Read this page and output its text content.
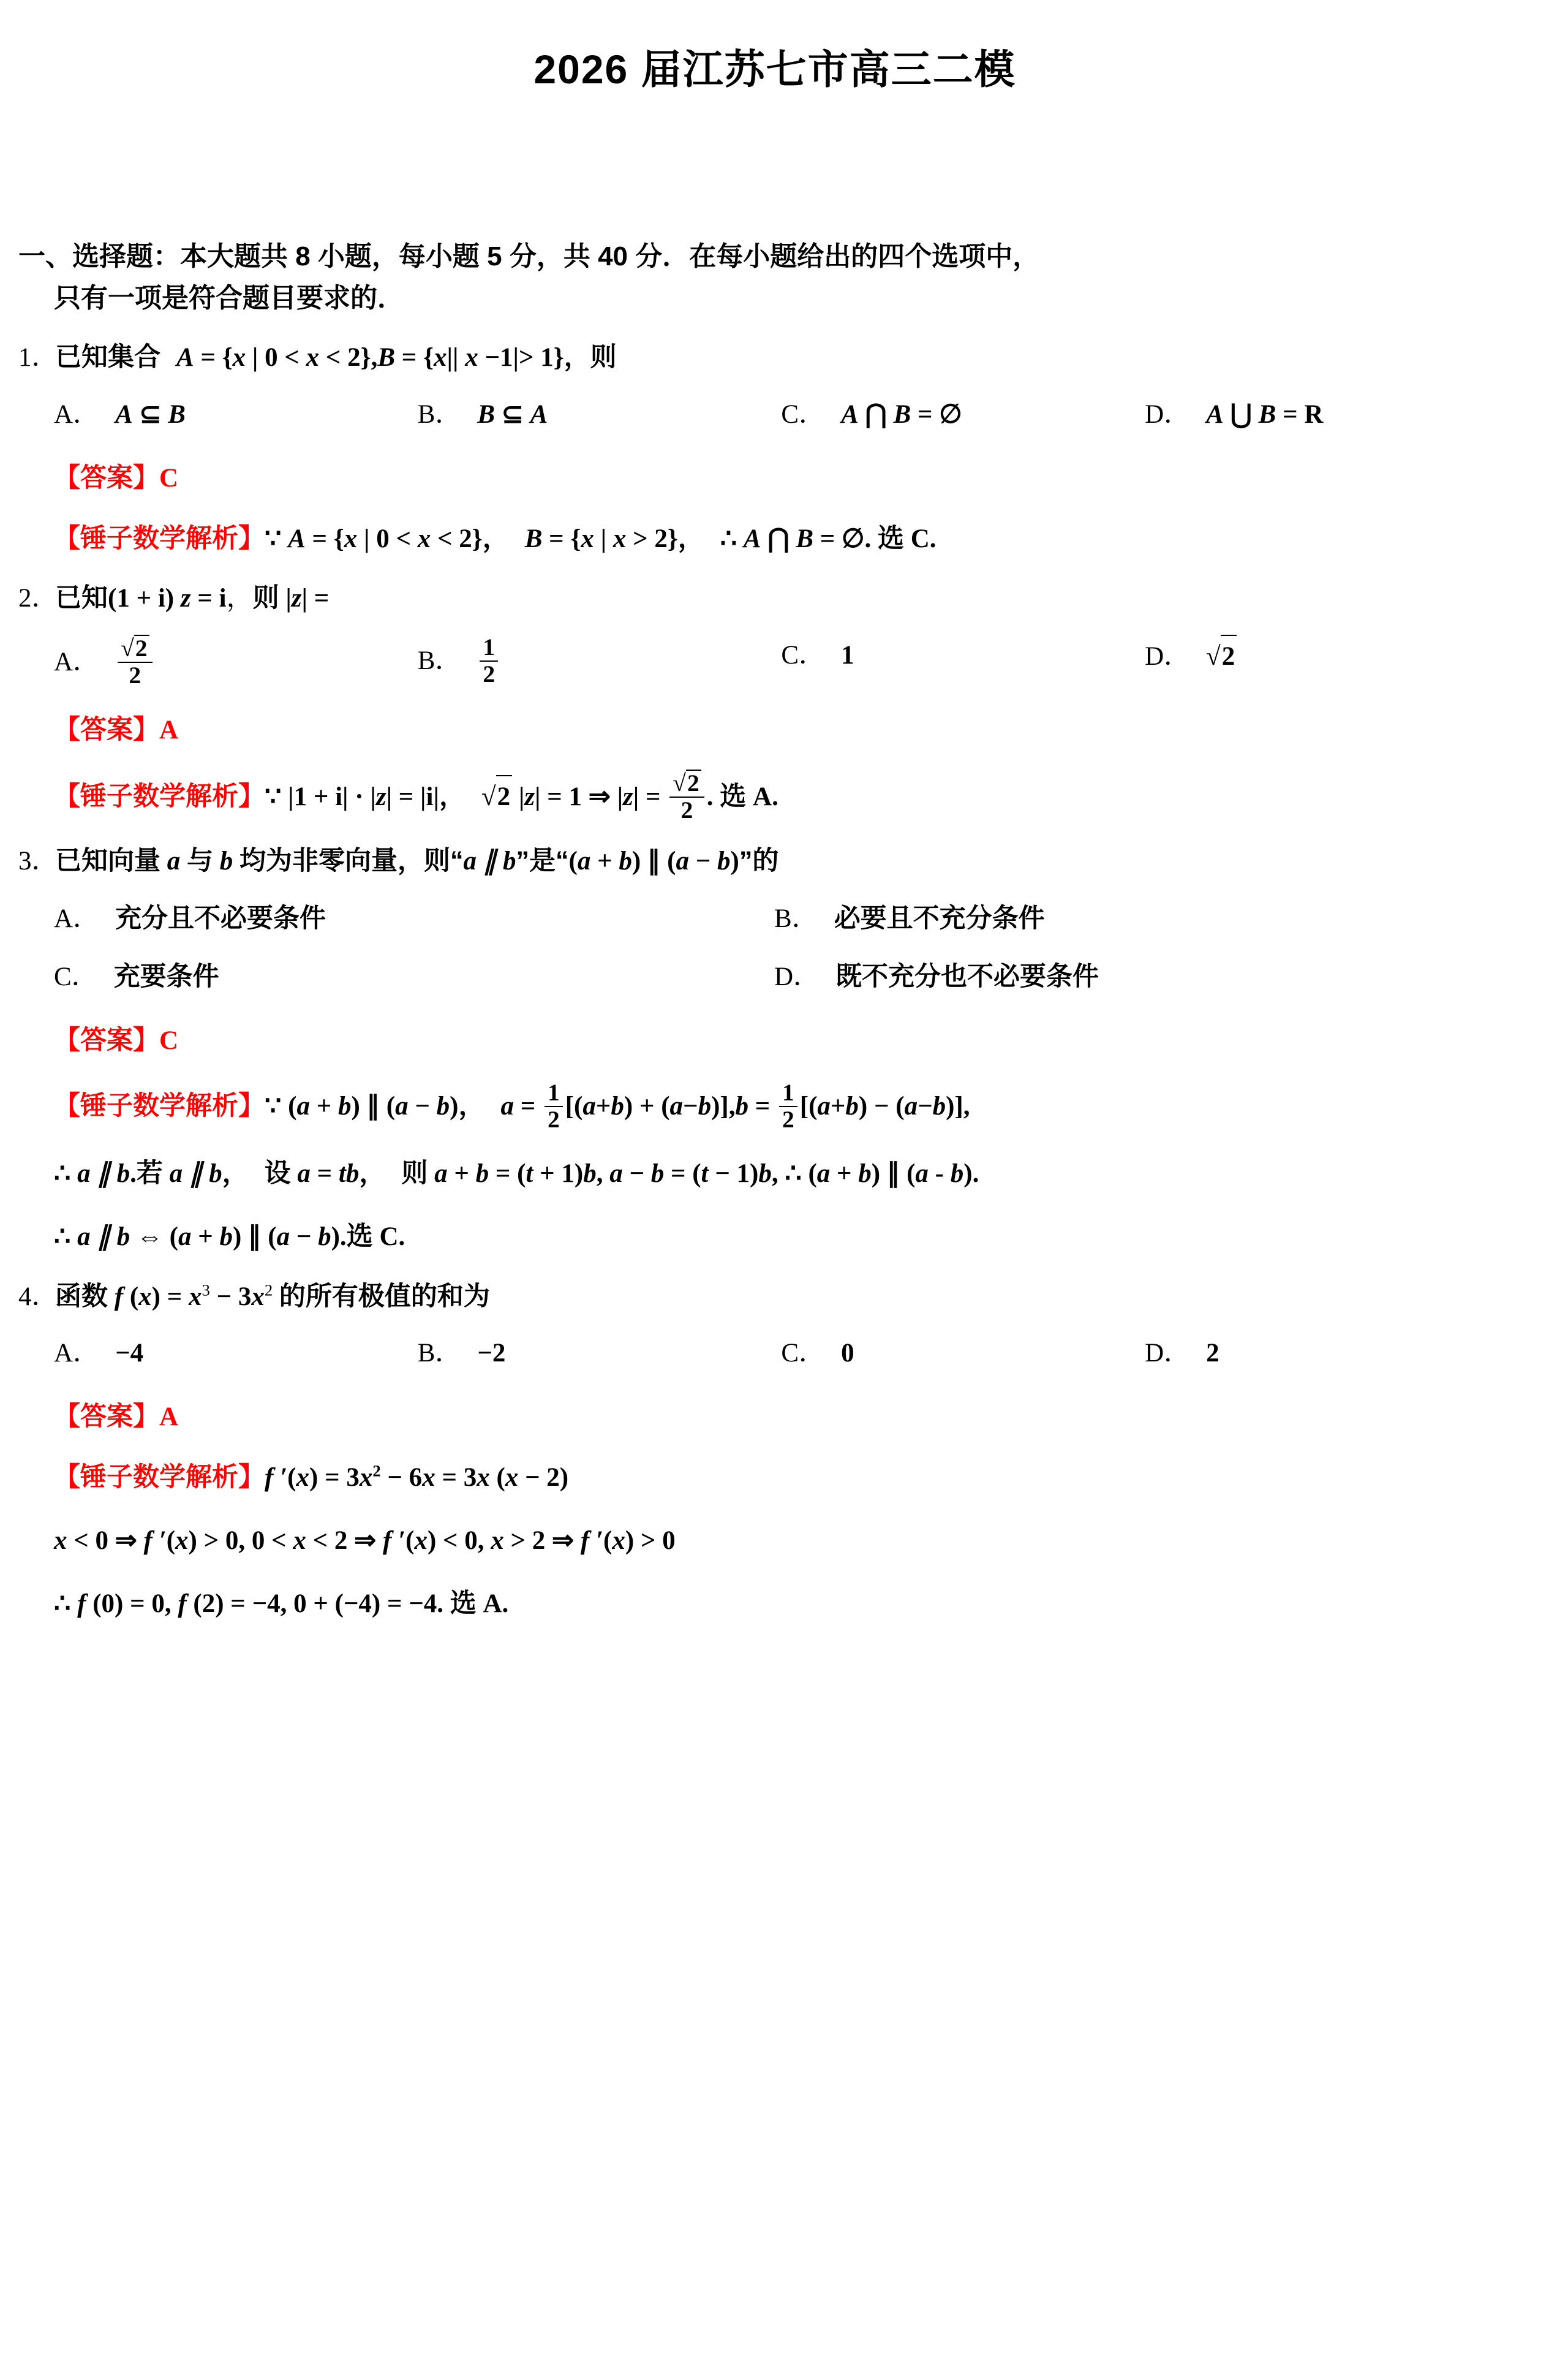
2026 届江苏七市高三二模
一、选择题：本大题共 8 小题，每小题 5 分，共 40 分．在每小题给出的四个选项中，
只有一项是符合题目要求的．
1．已知集合 A = {x | 0 < x < 2},B = {x|| x −1|> 1}，则
A． A ⊆ B	B． B ⊆ A	C． A ⋂ B = ∅	D． A ⋃ B = R
【答案】C
【锤子数学解析】∵ A = {x | 0 < x < 2}， B = {x | x > 2}， ∴ A ⋂ B = ∅. 选 C.
2．已知(1 + i) z = i，则 |z| =
A． $\frac{√2}{2}$	B． $\frac{1}{2}$	C． 1	D． √2
【答案】A
【锤子数学解析】∵ |1 + i| · |z| = |i|， √2 |z| = 1 ⇒ $|z| = \frac{√2}{2}$ . 选 A.
3．已知向量 a 与 b 均为非零向量，则“a ∥ b”是“(a + b) ∥ (a − b)”的
A． 充分且不必要条件	B． 必要且不充分条件
C． 充要条件	D． 既不充分也不必要条件
【答案】C
【锤子数学解析】∵ (a + b) ∥ (a − b)， $a = \frac{1}{2} [(a+b) + (a-b)],b = \frac{1}{2} [(a+b) - (a-b)]$,
∴ a ∥ b.若 a ∥ b， 设 a = tb， 则 a + b = (t + 1)b, a − b = (t − 1)b, ∴ (a + b) ∥ (a - b).
∴ a ∥ b ⇔ (a + b) ∥ (a − b).选 C.
4．函数 f $(x) = x^3 - 3x^2$ 的所有极值的和为
A． −4	B． −2	C． 0	D． 2
【答案】A
【锤子数学解析】f $'(x) = 3x^2 - 6x = 3x$ (x − 2)
x < 0 ⇒ f ′(x) > 0, 0 < x < 2 ⇒ f ′(x) < 0, x > 2 ⇒ f ′(x) > 0
∴ f (0) = 0, f (2) = −4, 0 + (−4) = −4. 选 A.
